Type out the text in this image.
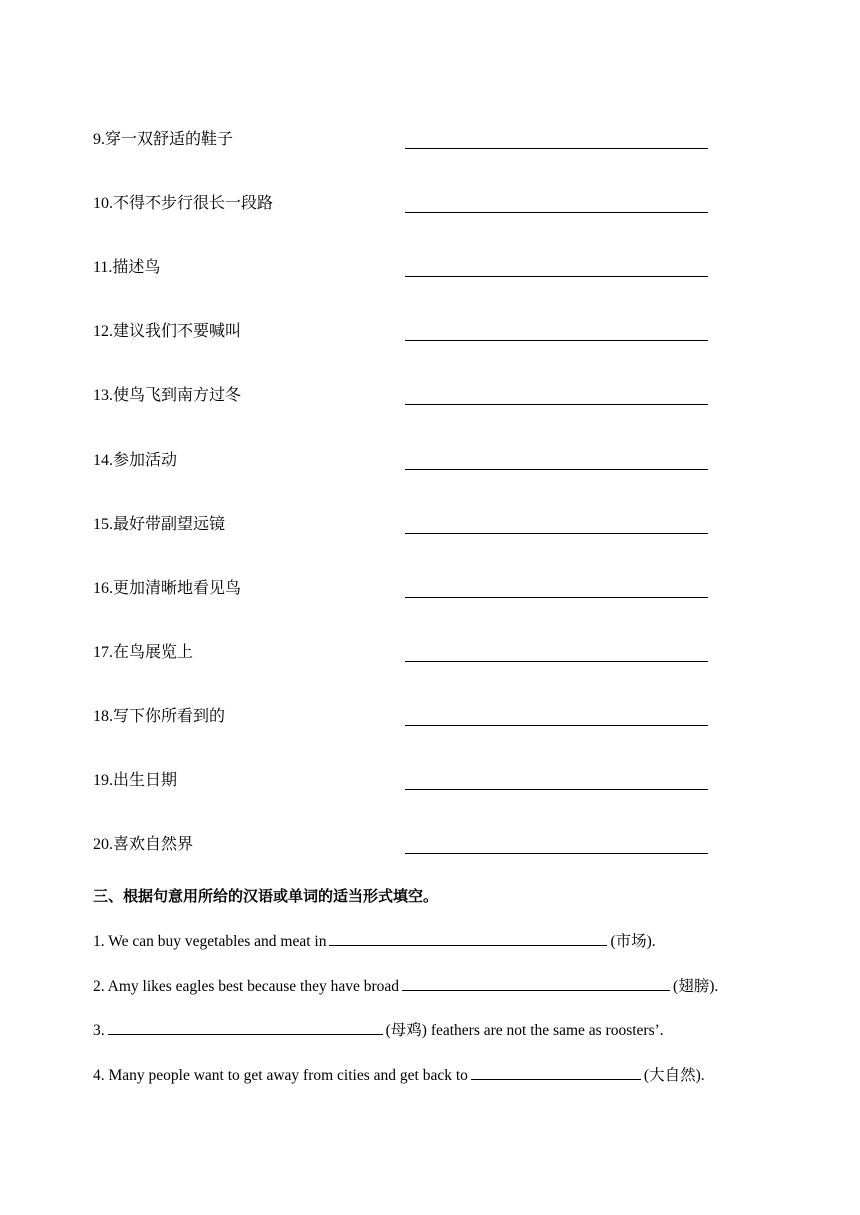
9.穿一双舒适的鞋子
10.不得不步行很长一段路
11.描述鸟
12.建议我们不要喊叫
13.使鸟飞到南方过冬
14.参加活动
15.最好带副望远镜
16.更加清晰地看见鸟
17.在鸟展览上
18.写下你所看到的
19.出生日期
20.喜欢自然界
三、根据句意用所给的汉语或单词的适当形式填空。
1. We can buy vegetables and meat in	(市场).
2. Amy likes eagles best because they have broad	(翅膀).
3.	(母鸡) feathers are not the same as roosters’.
4. Many people want to get away from cities and get back to	(大自然).
